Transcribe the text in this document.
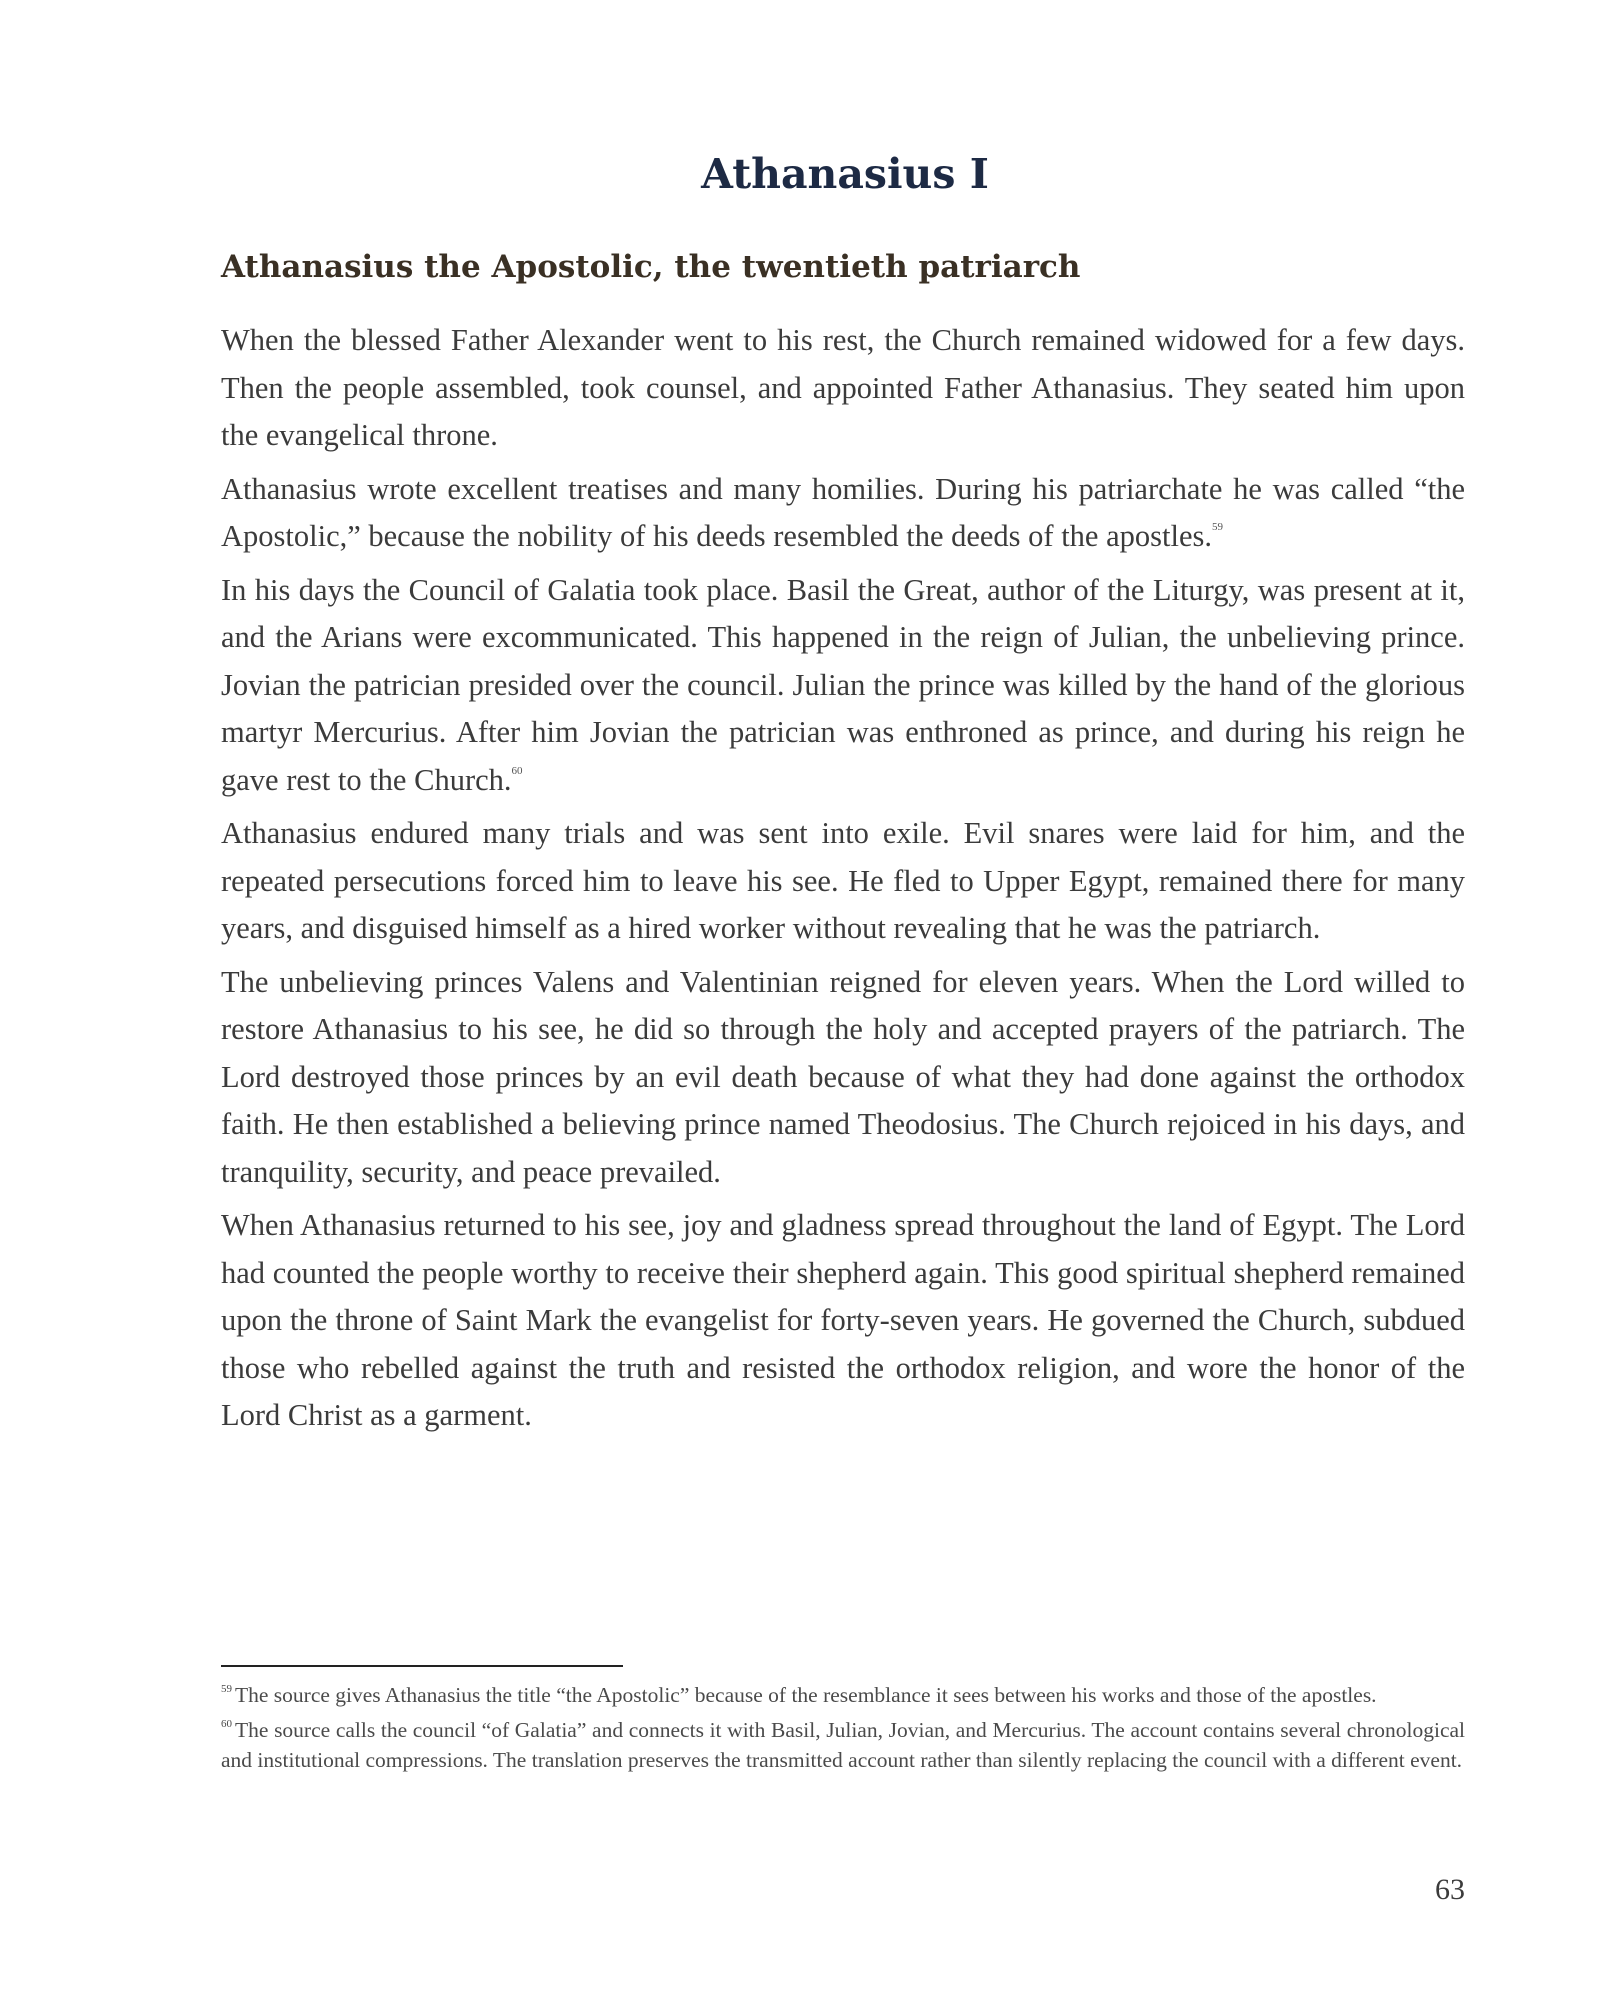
Athanasius I
Athanasius the Apostolic, the twentieth patriarch

When the blessed Father Alexander went to his rest, the Church remained widowed for a few days. Then the people assembled, took counsel, and appointed Father Athanasius. They seated him upon the evangelical throne.

Athanasius wrote excellent treatises and many homilies. During his patriarchate he was called “the Apostolic,” because the nobility of his deeds resembled the deeds of the apostles.$^{59}$

In his days the Council of Galatia took place. Basil the Great, author of the Liturgy, was present at it, and the Arians were excommunicated. This happened in the reign of Julian, the unbelieving prince. Jovian the patrician presided over the council. Julian the prince was killed by the hand of the glorious martyr Mercurius. After him Jovian the patrician was enthroned as prince, and during his reign he gave rest to the Church.$^{60}$

Athanasius endured many trials and was sent into exile. Evil snares were laid for him, and the repeated persecutions forced him to leave his see. He fled to Upper Egypt, remained there for many years, and disguised himself as a hired worker without revealing that he was the patriarch.

The unbelieving princes Valens and Valentinian reigned for eleven years. When the Lord willed to restore Athanasius to his see, he did so through the holy and accepted prayers of the patriarch. The Lord destroyed those princes by an evil death because of what they had done against the orthodox faith. He then established a believing prince named Theodosius. The Church rejoiced in his days, and tranquility, security, and peace prevailed.

When Athanasius returned to his see, joy and gladness spread throughout the land of Egypt. The Lord had counted the people worthy to receive their shepherd again. This good spiritual shepherd remained upon the throne of Saint Mark the evangelist for forty-seven years. He governed the Church, subdued those who rebelled against the truth and resisted the orthodox religion, and wore the honor of the Lord Christ as a garment.

$^{59}$ The source gives Athanasius the title “the Apostolic” because of the resemblance it sees between his works and those of the apostles.

$^{60}$ The source calls the council “of Galatia” and connects it with Basil, Julian, Jovian, and Mercurius. The account contains several chronological and institutional compressions. The translation preserves the transmitted account rather than silently replacing the council with a different event.

63
